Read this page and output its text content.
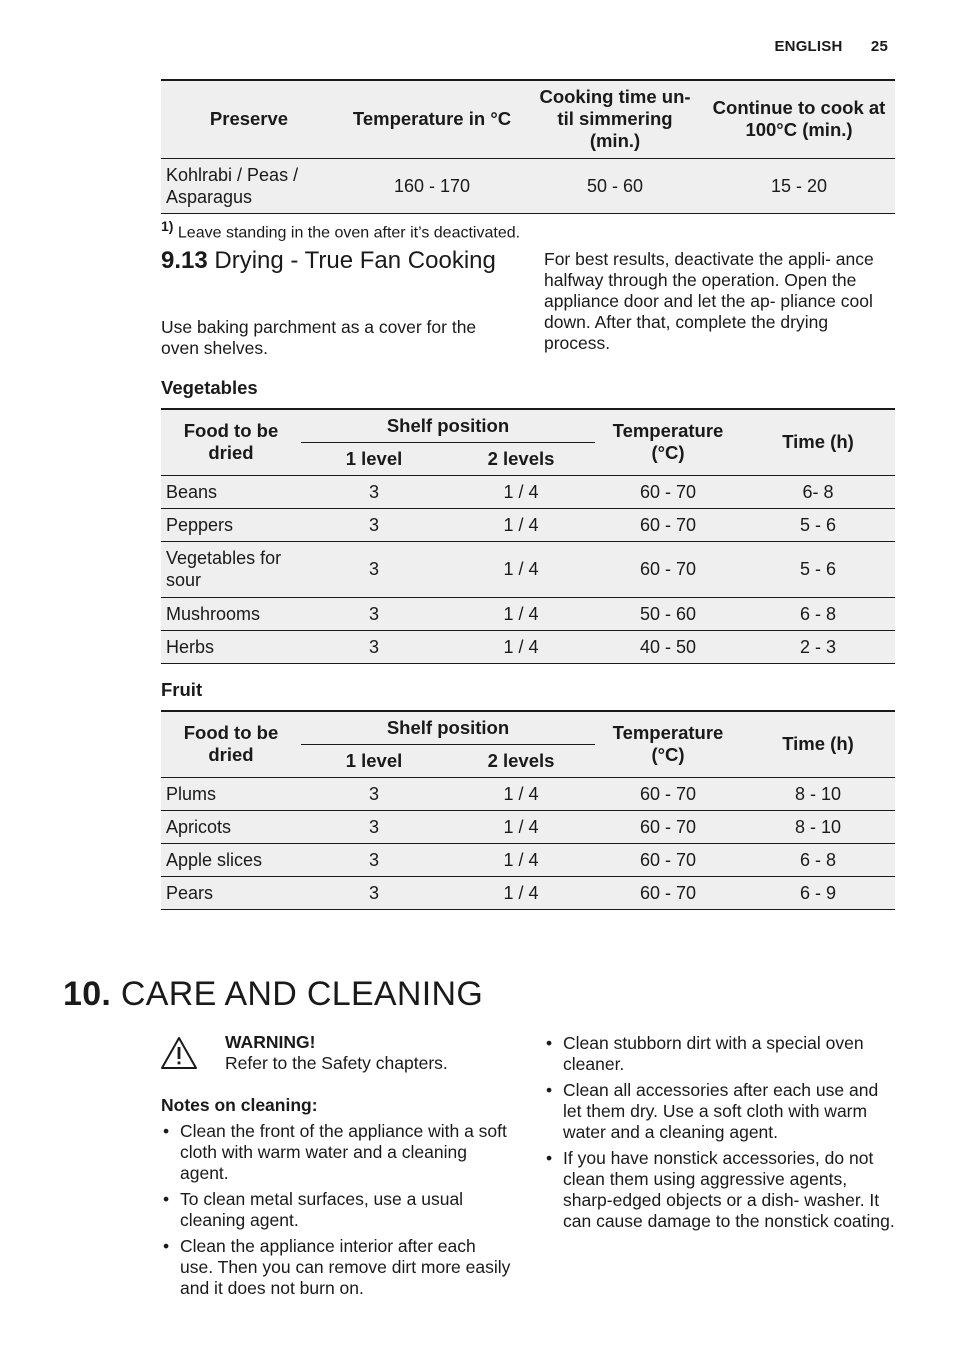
ENGLISH 25
Preserve	Temperature in °C	Cooking time un- til simmering (min.)	Continue to cook at 100°C (min.)
Kohlrabi / Peas / Asparagus	160 - 170	50 - 60	15 - 20
$^{1)}$ Leave standing in the oven after it’s deactivated.
9.13 Drying - True Fan Cooking
Use baking parchment as a cover for the oven shelves.
For best results, deactivate the appli- ance halfway through the operation. Open the appliance door and let the ap- pliance cool down. After that, complete the drying process.
Vegetables
Food to be dried	Shelf position		Temperature (°C)	Time (h)
	1 level	2 levels		
Beans	3	1 / 4	60 - 70	6- 8
Peppers	3	1 / 4	60 - 70	5 - 6
Vegetables for sour	3	1 / 4	60 - 70	5 - 6
Mushrooms	3	1 / 4	50 - 60	6 - 8
Herbs	3	1 / 4	40 - 50	2 - 3
Fruit
Food to be dried	Shelf position		Temperature (°C)	Time (h)
	1 level	2 levels		
Plums	3	1 / 4	60 - 70	8 - 10
Apricots	3	1 / 4	60 - 70	8 - 10
Apple slices	3	1 / 4	60 - 70	6 - 8
Pears	3	1 / 4	60 - 70	6 - 9
10. CARE AND CLEANING
WARNING!
Refer to the Safety chapters.
Notes on cleaning:
• Clean the front of the appliance with a soft cloth with warm water and a cleaning agent.
• To clean metal surfaces, use a usual cleaning agent.
• Clean the appliance interior after each use. Then you can remove dirt more easily and it does not burn on.
• Clean stubborn dirt with a special oven cleaner.
• Clean all accessories after each use and let them dry. Use a soft cloth with warm water and a cleaning agent.
• If you have nonstick accessories, do not clean them using aggressive agents, sharp-edged objects or a dish- washer. It can cause damage to the nonstick coating.
